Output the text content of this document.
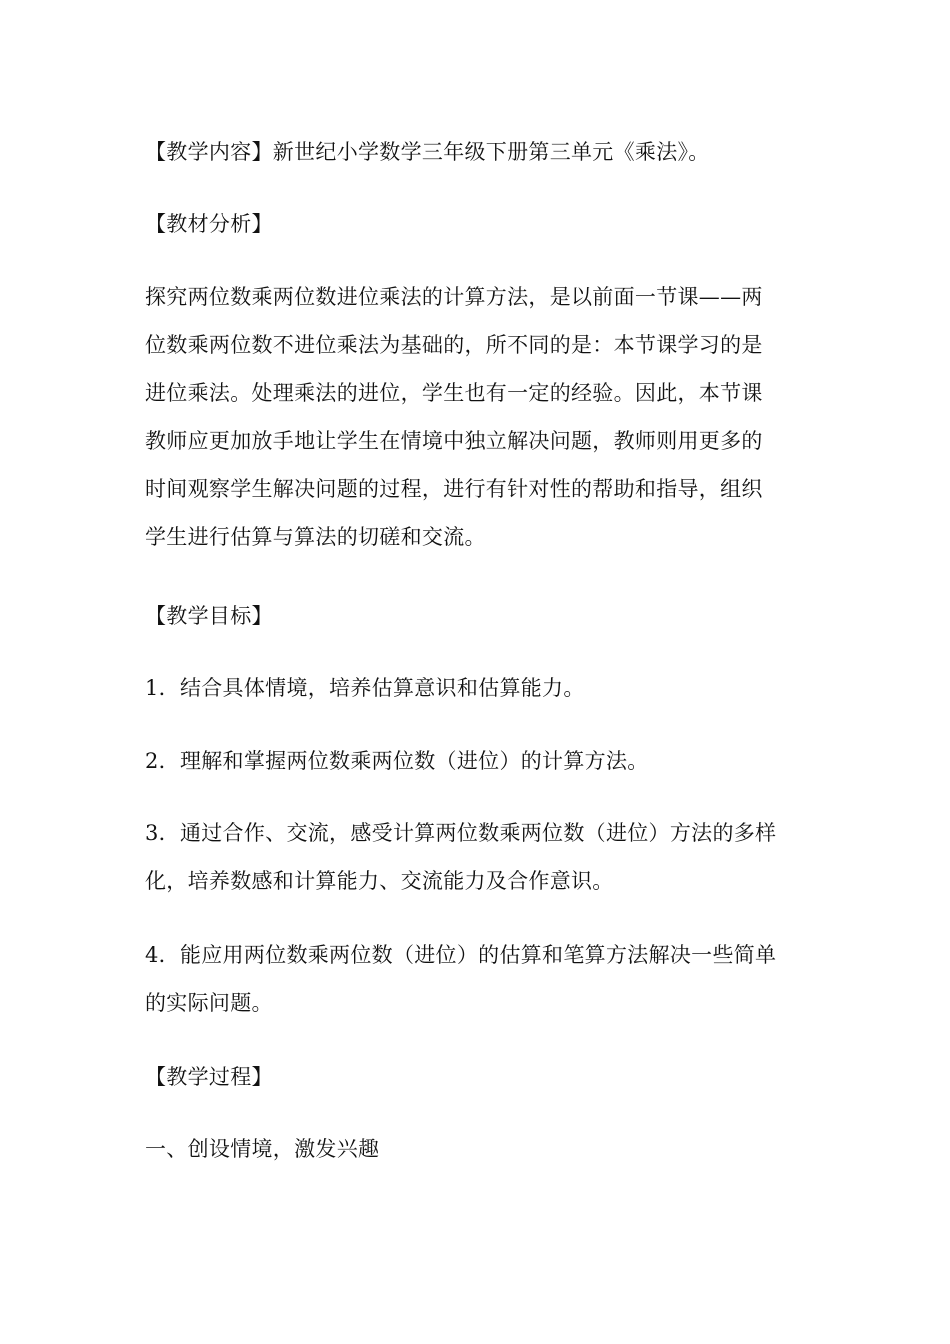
【教学内容】新世纪小学数学三年级下册第三单元《乘法》。
【教材分析】
探究两位数乘两位数进位乘法的计算方法，是以前面一节课——两
位数乘两位数不进位乘法为基础的，所不同的是：本节课学习的是
进位乘法。处理乘法的进位，学生也有一定的经验。因此，本节课
教师应更加放手地让学生在情境中独立解决问题，教师则用更多的
时间观察学生解决问题的过程，进行有针对性的帮助和指导，组织
学生进行估算与算法的切磋和交流。
【教学目标】
1．结合具体情境，培养估算意识和估算能力。
2．理解和掌握两位数乘两位数（进位）的计算方法。
3．通过合作、交流，感受计算两位数乘两位数（进位）方法的多样
化，培养数感和计算能力、交流能力及合作意识。
4．能应用两位数乘两位数（进位）的估算和笔算方法解决一些简单
的实际问题。
【教学过程】
一、创设情境，激发兴趣
